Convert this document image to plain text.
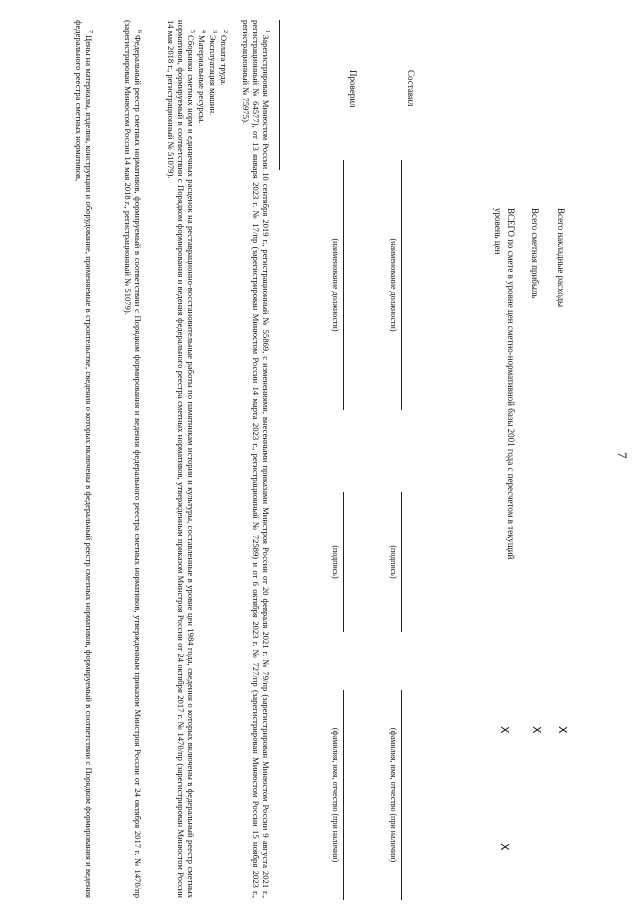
7
Всего накладные расходы
X
Всего сметная прибыль
X
ВСЕГО по смете в уровне цен сметно-нормативной базы 2001 года с пересчетом в текущий
уровень цен
X
X
Составил
(наименование должности)
(подпись)
(фамилия, имя, отчество (при наличии)
Проверил
(наименование должности)
(подпись)
(фамилия, имя, отчество (при наличии)

$^1$Зарегистрирован Минюстом России 10 сентября 2019 г., регистрационный № 55869, с изменениями, внесенными приказами Минстроя России от 20 февраля 2021 г. № 79/пр (зарегистрирован Минюстом России 9 августа 2021 г., регистрационный № 64577), от 13 января 2023 г. № 17/пр (зарегистрирован Минюстом России 14 марта 2023 г., регистрационный № 72589) и от 6 октября 2023 г. № 727/пр (зарегистрирован Минюстом России 15 ноября 2023 г., регистрационный № 75975).

$^2$Оплата труда.

$^3$Эксплуатация машин.

$^4$Материальные ресурсы.

$^5$Сборники сметных норм и единичных расценок на реставрационно-восстановительные работы по памятникам истории и культуры, составленные в уровне цен 1984 года, сведения о которых включены в федеральный реестр сметных нормативов, формируемый в соответствии с Порядком формирования и ведения федерального реестра сметных нормативов, утвержденным приказом Минстроя России от 24 октября 2017 г. № 1470/пр (зарегистрирован Минюстом России 14 мая 2018 г., регистрационный № 51079).

$^6$Федеральный реестр сметных нормативов, формируемый в соответствии с Порядком формирования и ведения федерального реестра сметных нормативов, утвержденным приказом Минстроя России от 24 октября 2017 г. № 1470/пр (зарегистрирован Минюстом России 14 мая 2018 г., регистрационный № 51079).

$^7$Цены на материалы, изделия, конструкции и оборудование, применяемые в строительстве, сведения о которых включены в федеральный реестр сметных нормативов, формируемый в соответствии с Порядком формирования и ведения федерального реестра сметных нормативов,
